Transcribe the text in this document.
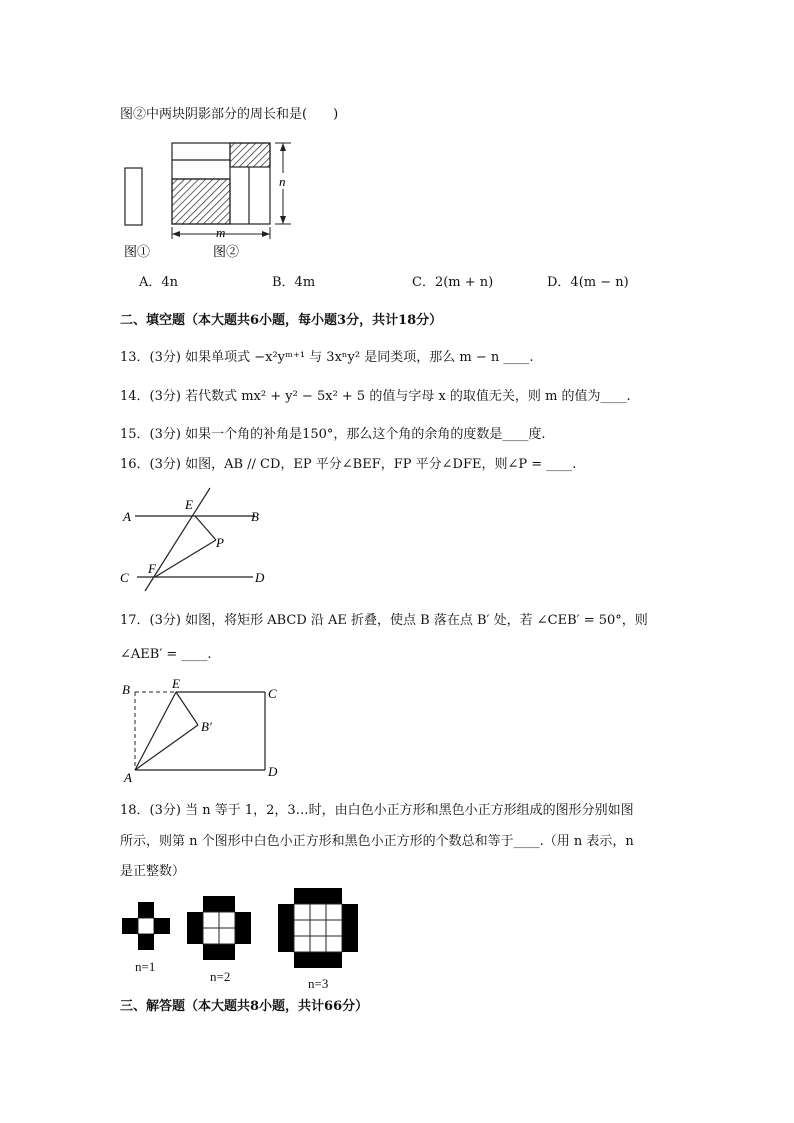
图②中两块阴影部分的周长和是(　　)
n
m
图①	图②
A．4n	B．4m	C．2(m + n)	D．4(m − n)
二、填空题（本大题共6小题，每小题3分，共计18分）
13．(3分) 如果单项式 −x²yᵐ⁺¹ 与 3xⁿy² 是同类项，那么 m − n ____.
14．(3分) 若代数式 mx² + y² − 5x² + 5 的值与字母 x 的取值无关，则 m 的值为____.
15．(3分) 如果一个角的补角是150°，那么这个角的余角的度数是____度.
16．(3分) 如图，AB // CD，EP 平分∠BEF，FP 平分∠DFE，则∠P = ____.
A	B
E
P
F
C	D
17．(3分) 如图，将矩形 ABCD 沿 AE 折叠，使点 B 落在点 B′ 处，若 ∠CEB′ = 50°，则
∠AEB′ = ____.
B	E
C
B′
A	D
18．(3分) 当 n 等于 1，2，3…时，由白色小正方形和黑色小正方形组成的图形分别如图
所示，则第 n 个图形中白色小正方形和黑色小正方形的个数总和等于____.（用 n 表示，n
是正整数）
n=1
n=2	n=3
三、解答题（本大题共8小题，共计66分）
